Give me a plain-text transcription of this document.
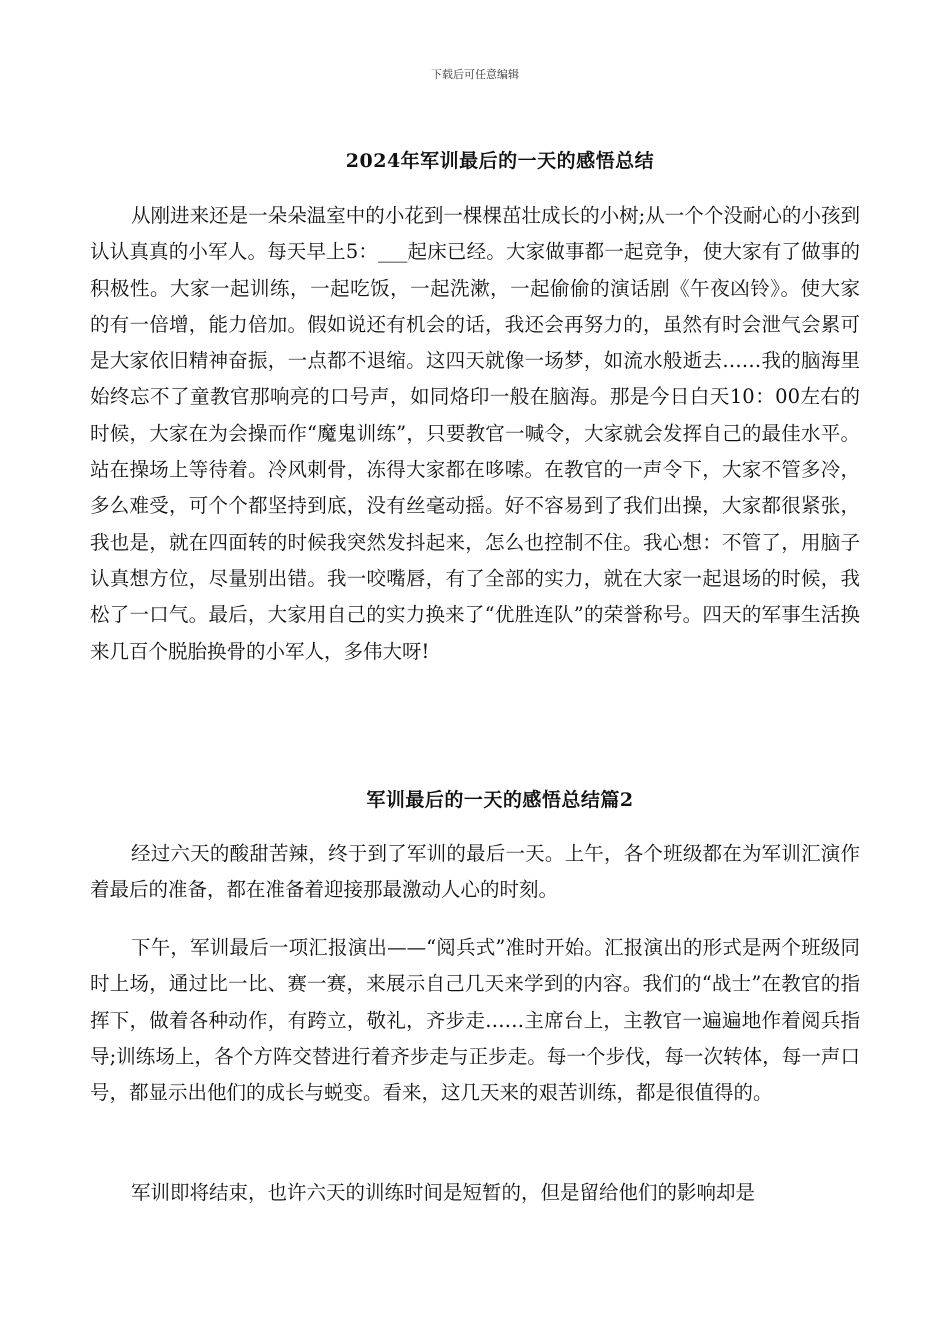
下载后可任意编辑
2024年军训最后的一天的感悟总结

从刚进来还是一朵朵温室中的小花到一棵棵茁壮成长的小树;从一个个没耐心的小孩到认认真真的小军人。每天早上5：___起床已经。大家做事都一起竞争，使大家有了做事的积极性。大家一起训练，一起吃饭，一起洗漱，一起偷偷的演话剧《午夜凶铃》。使大家的有一倍增，能力倍加。假如说还有机会的话，我还会再努力的，虽然有时会泄气会累可是大家依旧精神奋振，一点都不退缩。这四天就像一场梦，如流水般逝去……我的脑海里始终忘不了童教官那响亮的口号声，如同烙印一般在脑海。那是今日白天10：00左右的时候，大家在为会操而作“魔鬼训练”，只要教官一喊令，大家就会发挥自己的最佳水平。站在操场上等待着。冷风刺骨，冻得大家都在哆嗦。在教官的一声令下，大家不管多冷，多么难受，可个个都坚持到底，没有丝毫动摇。好不容易到了我们出操，大家都很紧张，我也是，就在四面转的时候我突然发抖起来，怎么也控制不住。我心想：不管了，用脑子认真想方位，尽量别出错。我一咬嘴唇，有了全部的实力，就在大家一起退场的时候，我松了一口气。最后，大家用自己的实力换来了“优胜连队”的荣誉称号。四天的军事生活换来几百个脱胎换骨的小军人，多伟大呀!

军训最后的一天的感悟总结篇2

经过六天的酸甜苦辣，终于到了军训的最后一天。上午，各个班级都在为军训汇演作着最后的准备，都在准备着迎接那最激动人心的时刻。

下午，军训最后一项汇报演出——“阅兵式”准时开始。汇报演出的形式是两个班级同时上场，通过比一比、赛一赛，来展示自己几天来学到的内容。我们的“战士”在教官的指挥下，做着各种动作，有跨立，敬礼，齐步走……主席台上，主教官一遍遍地作着阅兵指导;训练场上，各个方阵交替进行着齐步走与正步走。每一个步伐，每一次转体，每一声口号，都显示出他们的成长与蜕变。看来，这几天来的艰苦训练，都是很值得的。

军训即将结束，也许六天的训练时间是短暂的，但是留给他们的影响却是
